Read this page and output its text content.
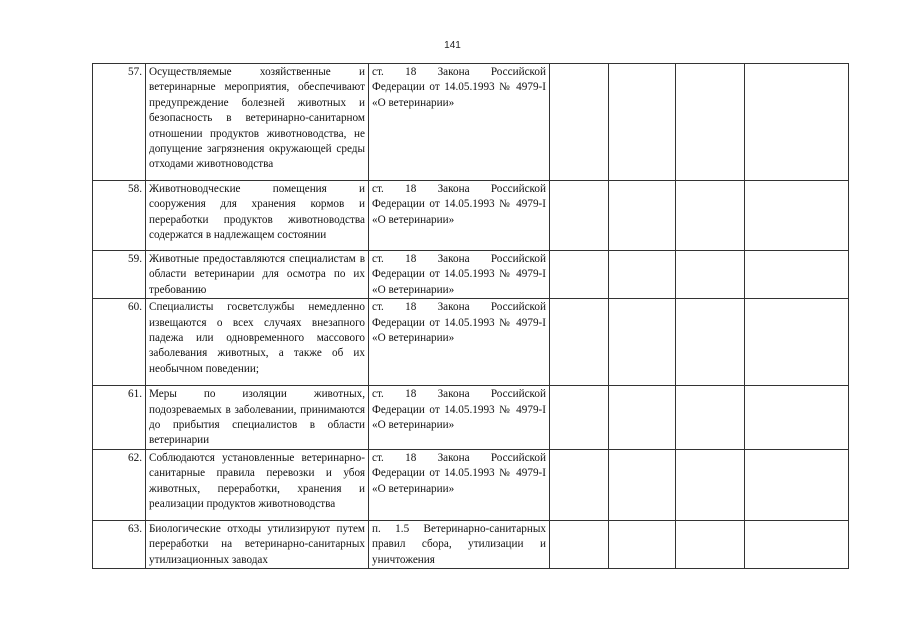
141
57.	Осуществляемые хозяйственные и ветеринарные мероприятия, обеспечивают предупреждение болезней животных и безопасность в ветеринарно-санитарном отношении продуктов животноводства, не допущение загрязнения окружающей среды отходами животноводства	ст. 18 Закона Российской Федерации от 14.05.1993 № 4979-I «О ветеринарии»				
58.	Животноводческие помещения и сооружения для хранения кормов и переработки продуктов животноводства содержатся в надлежащем состоянии	ст. 18 Закона Российской Федерации от 14.05.1993 № 4979-I «О ветеринарии»				
59.	Животные предоставляются специалистам в области ветеринарии для осмотра по их требованию	ст. 18 Закона Российской Федерации от 14.05.1993 № 4979-I «О ветеринарии»				
60.	Специалисты госветслужбы немедленно извещаются о всех случаях внезапного падежа или одновременного массового заболевания животных, а также об их необычном поведении;	ст. 18 Закона Российской Федерации от 14.05.1993 № 4979-I «О ветеринарии»				
61.	Меры по изоляции животных, подозреваемых в заболевании, принимаются до прибытия специалистов в области ветеринарии	ст. 18 Закона Российской Федерации от 14.05.1993 № 4979-I «О ветеринарии»				
62.	Соблюдаются установленные ветеринарно-санитарные правила перевозки и убоя животных, переработки, хранения и реализации продуктов животноводства	ст. 18 Закона Российской Федерации от 14.05.1993 № 4979-I «О ветеринарии»				
63.	Биологические отходы утилизируют путем переработки на ветеринарно-санитарных утилизационных заводах	п. 1.5 Ветеринарно-санитарных правил сбора, утилизации и уничтожения				
